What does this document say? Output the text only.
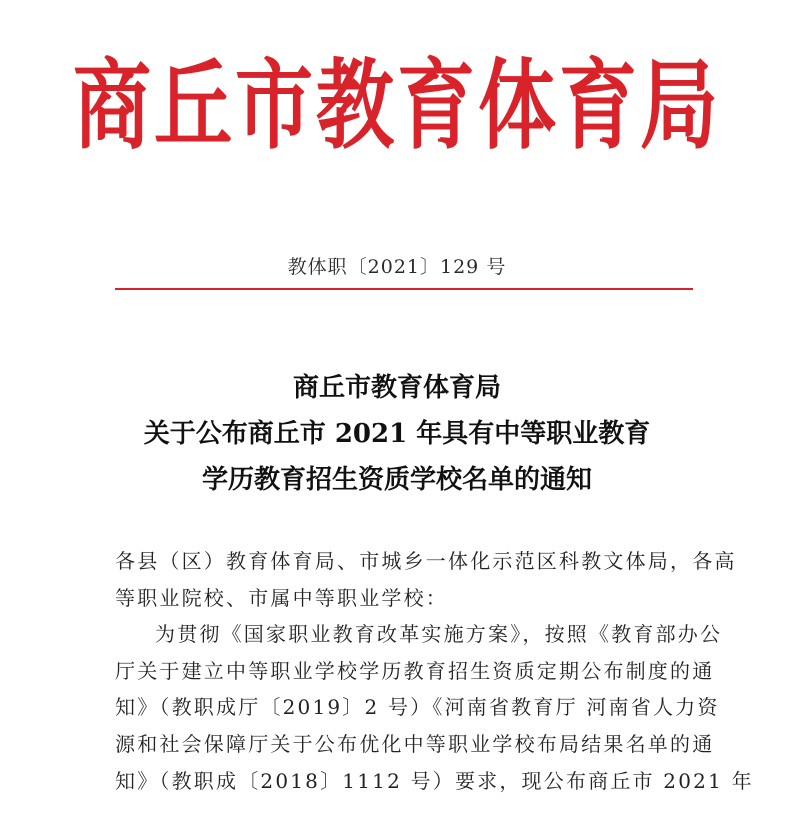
商丘市教育体育局
教体职〔2021〕129 号
商丘市教育体育局
关于公布商丘市 2021 年具有中等职业教育
学历教育招生资质学校名单的通知

各县（区）教育体育局、市城乡一体化示范区科教文体局，各高

等职业院校、市属中等职业学校：

为贯彻《国家职业教育改革实施方案》，按照《教育部办公

厅关于建立中等职业学校学历教育招生资质定期公布制度的通

知》（教职成厅〔2019〕2 号）《河南省教育厅 河南省人力资

源和社会保障厅关于公布优化中等职业学校布局结果名单的通

知》（教职成〔2018〕1112 号）要求，现公布商丘市 2021 年
